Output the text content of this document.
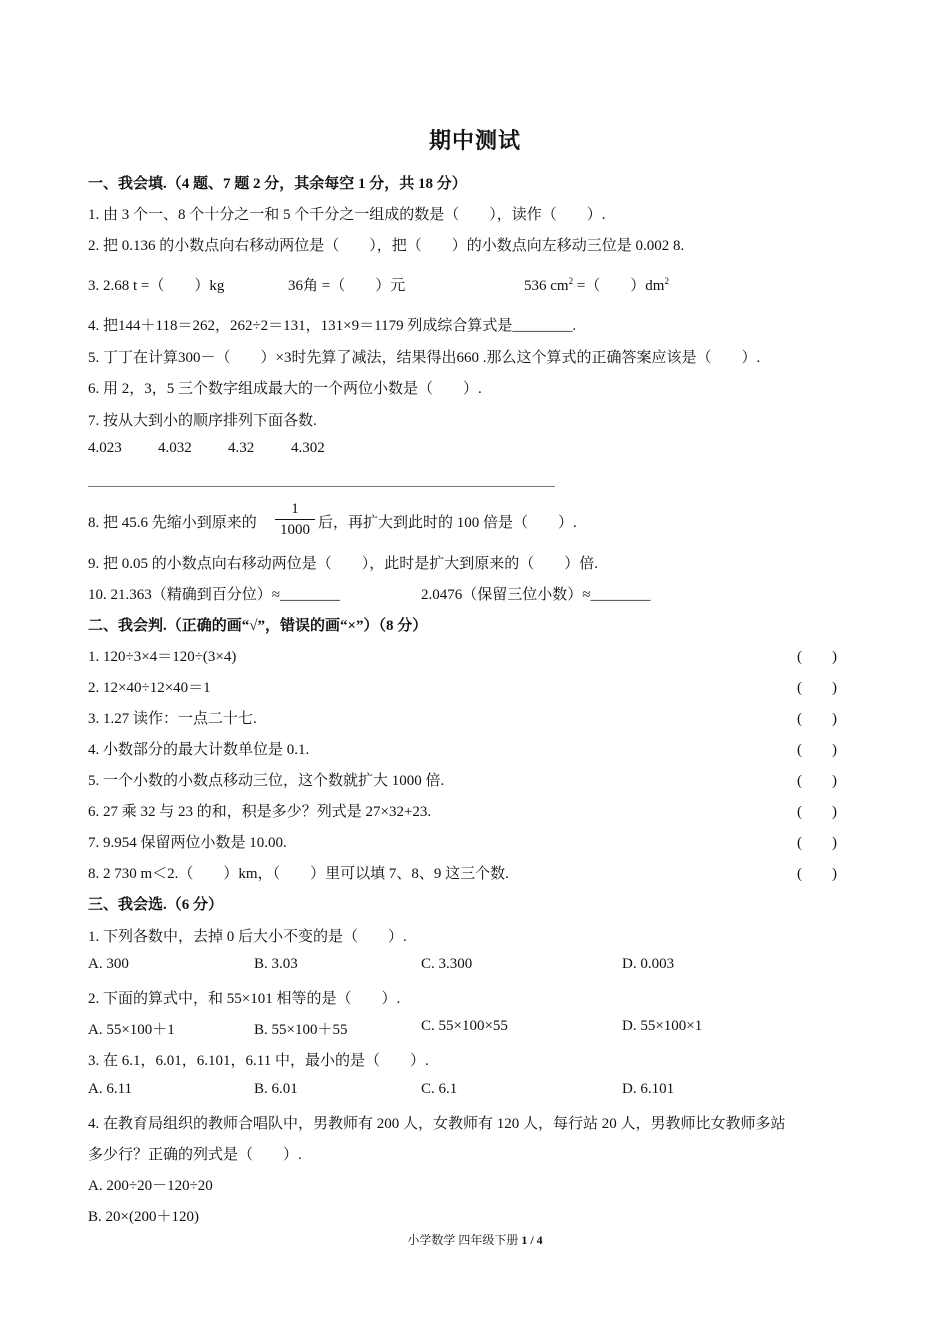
期中测试
一、我会填.（4 题、7 题 2 分，其余每空 1 分，共 18 分）
1. 由 3 个一、8 个十分之一和 5 个千分之一组成的数是（　　），读作（　　）.
2. 把 0.136 的小数点向右移动两位是（　　），把（　　）的小数点向左移动三位是 0.002 8.
3. 2.68 t =（　　）kg	36角 =（　　）元	536 $cm^2$ =（　　）$dm^2$
4. 把144＋118＝262，262÷2＝131，131×9＝1179 列成综合算式是________.
5. 丁丁在计算300－（　　）×3时先算了减法，结果得出660 .那么这个算式的正确答案应该是（　　）.
6. 用 2，3，5 三个数字组成最大的一个两位小数是（　　）.
7. 按从大到小的顺序排列下面各数.
4.023 4.032 4.32 4.302
8. 把 45.6 先缩小到原来的 $\frac{1}{1000}$ 后，再扩大到此时的 100 倍是（　　）.
9. 把 0.05 的小数点向右移动两位是（　　），此时是扩大到原来的（　　）倍.
10. 21.363（精确到百分位）≈________	2.0476（保留三位小数）≈________
二、我会判.（正确的画“√”，错误的画“×”）（8 分）
1. 120÷3×4＝120÷(3×4)	(　　)
2. 12×40÷12×40＝1	(　　)
3. 1.27 读作：一点二十七.	(　　)
4. 小数部分的最大计数单位是 0.1.	(　　)
5. 一个小数的小数点移动三位，这个数就扩大 1000 倍.	(　　)
6. 27 乘 32 与 23 的和，积是多少？列式是 27×32+23.	(　　)
7. 9.954 保留两位小数是 10.00.	(　　)
8. 2 730 m＜2.（　　）km，（　　）里可以填 7、8、9 这三个数.	(　　)
三、我会选.（6 分）
1. 下列各数中，去掉 0 后大小不变的是（　　）.
A. 300	B. 3.03	C. 3.300	D. 0.003
2. 下面的算式中，和 55×101 相等的是（　　）.
A. 55×100＋1	B. 55×100＋55	C. 55×100×55	D. 55×100×1
3. 在 6.1，6.01，6.101，6.11 中，最小的是（　　）.
A. 6.11	B. 6.01	C. 6.1	D. 6.101
4. 在教育局组织的教师合唱队中，男教师有 200 人，女教师有 120 人，每行站 20 人，男教师比女教师多站
多少行？正确的列式是（　　）.
A. 200÷20－120÷20
B. 20×(200＋120)
小学数学 四年级下册 1 / 4
